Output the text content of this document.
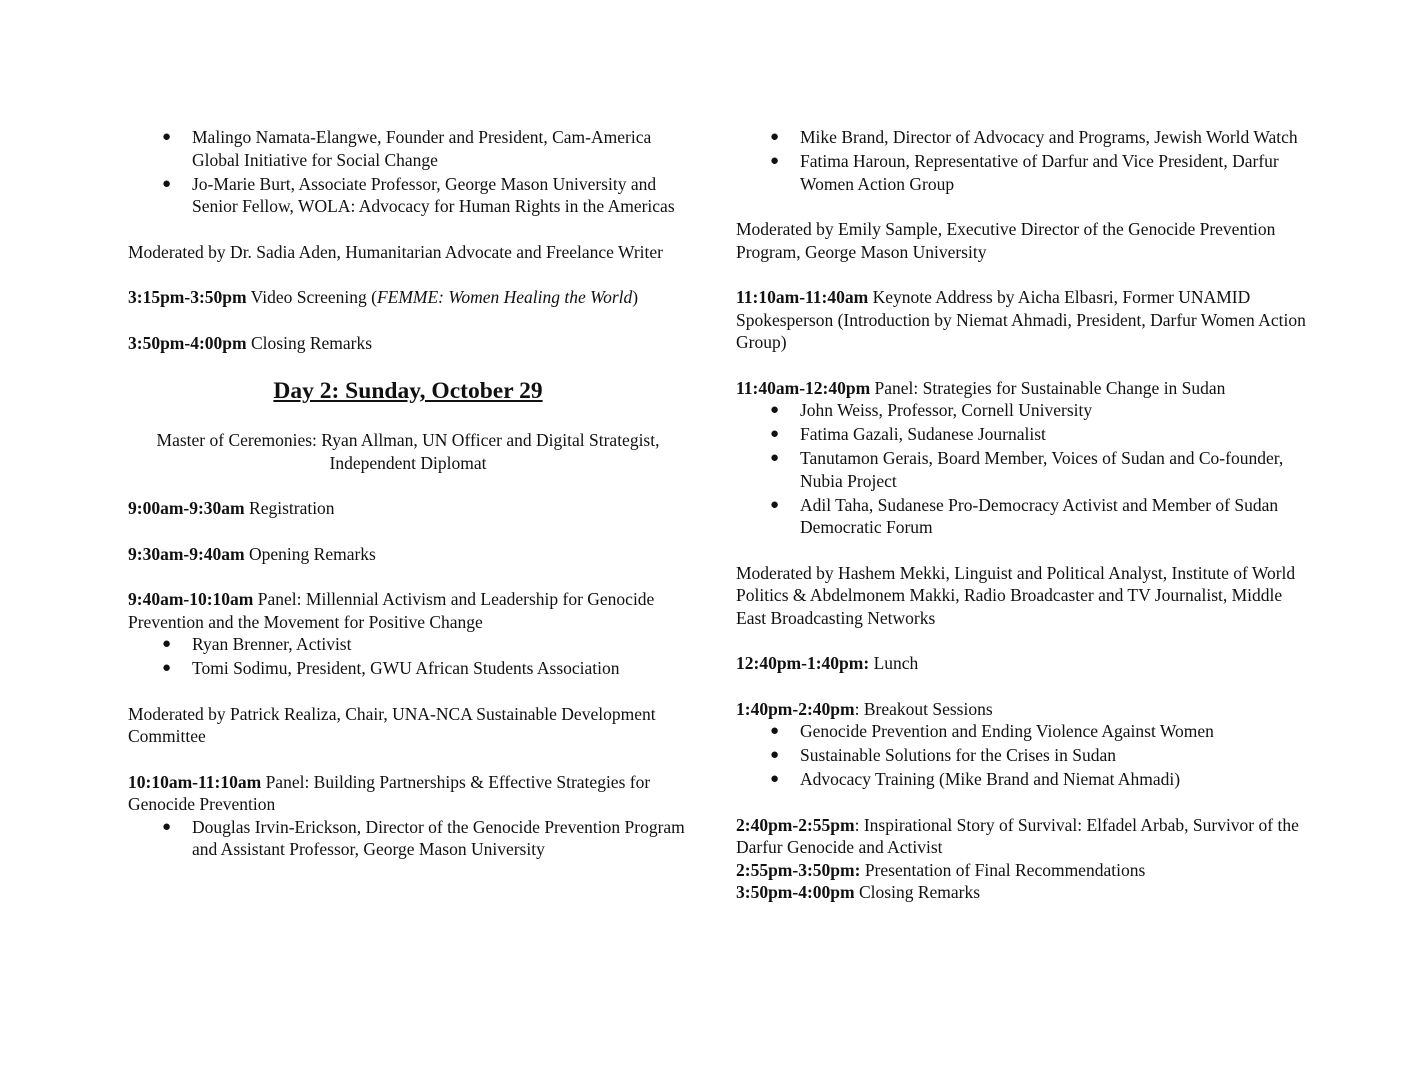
● Malingo Namata-Elangwe, Founder and President, Cam-America Global Initiative for Social Change
● Jo-Marie Burt, Associate Professor, George Mason University and Senior Fellow, WOLA: Advocacy for Human Rights in the Americas

Moderated by Dr. Sadia Aden, Humanitarian Advocate and Freelance Writer

3:15pm-3:50pm Video Screening (FEMME: Women Healing the World)

3:50pm-4:00pm Closing Remarks

Day 2: Sunday, October 29

Master of Ceremonies: Ryan Allman, UN Officer and Digital Strategist, Independent Diplomat

9:00am-9:30am Registration

9:30am-9:40am Opening Remarks

9:40am-10:10am Panel: Millennial Activism and Leadership for Genocide Prevention and the Movement for Positive Change

● Ryan Brenner, Activist
● Tomi Sodimu, President, GWU African Students Association

Moderated by Patrick Realiza, Chair, UNA-NCA Sustainable Development Committee

10:10am-11:10am Panel: Building Partnerships & Effective Strategies for Genocide Prevention

● Douglas Irvin-Erickson, Director of the Genocide Prevention Program and Assistant Professor, George Mason University
● Mike Brand, Director of Advocacy and Programs, Jewish World Watch
● Fatima Haroun, Representative of Darfur and Vice President, Darfur Women Action Group

Moderated by Emily Sample, Executive Director of the Genocide Prevention Program, George Mason University

11:10am-11:40am Keynote Address by Aicha Elbasri, Former UNAMID Spokesperson (Introduction by Niemat Ahmadi, President, Darfur Women Action Group)

11:40am-12:40pm Panel: Strategies for Sustainable Change in Sudan

● John Weiss, Professor, Cornell University
● Fatima Gazali, Sudanese Journalist
● Tanutamon Gerais, Board Member, Voices of Sudan and Co-founder, Nubia Project
● Adil Taha, Sudanese Pro-Democracy Activist and Member of Sudan Democratic Forum

Moderated by Hashem Mekki, Linguist and Political Analyst, Institute of World Politics & Abdelmonem Makki, Radio Broadcaster and TV Journalist, Middle East Broadcasting Networks

12:40pm-1:40pm: Lunch

1:40pm-2:40pm: Breakout Sessions

● Genocide Prevention and Ending Violence Against Women
● Sustainable Solutions for the Crises in Sudan
● Advocacy Training (Mike Brand and Niemat Ahmadi)

2:40pm-2:55pm: Inspirational Story of Survival: Elfadel Arbab, Survivor of the Darfur Genocide and Activist

2:55pm-3:50pm: Presentation of Final Recommendations

3:50pm-4:00pm Closing Remarks
